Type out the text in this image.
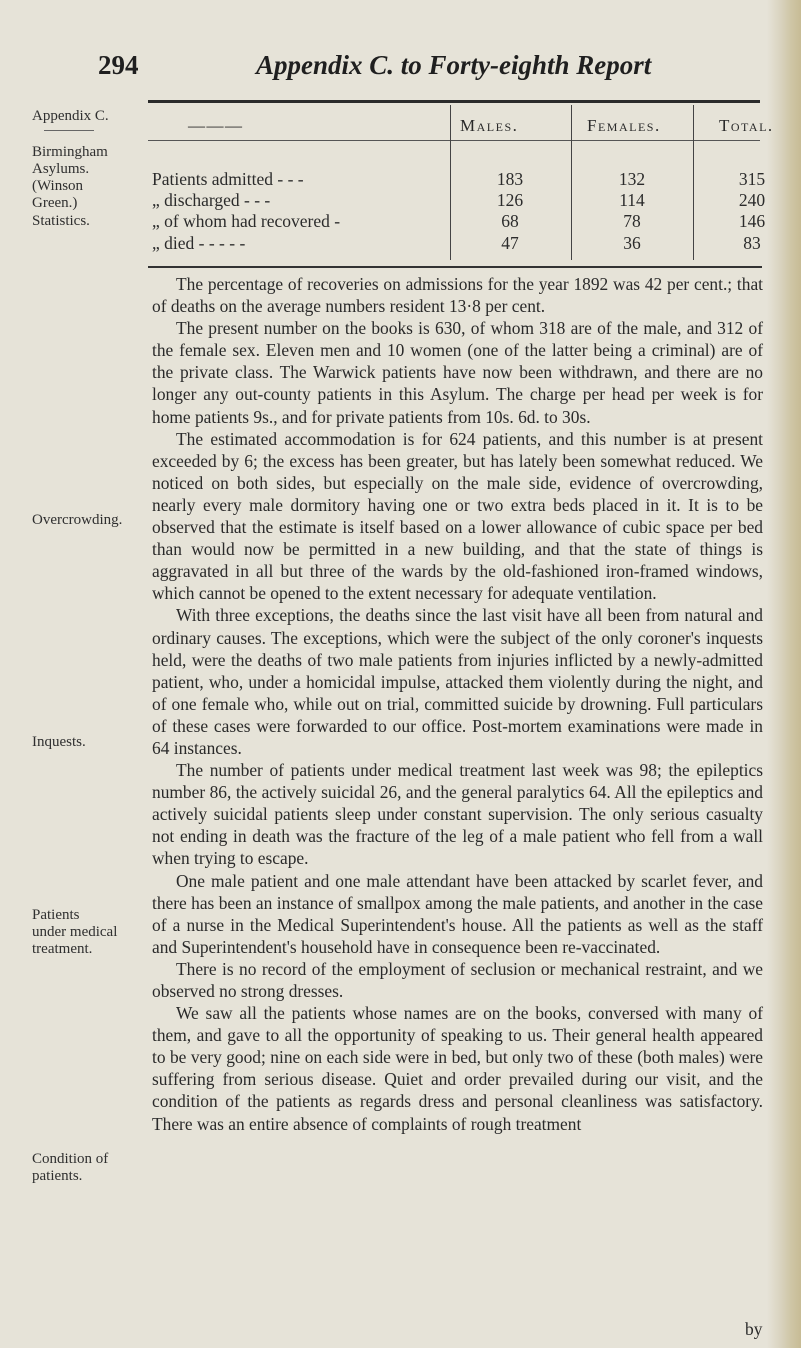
294	Appendix C. to Forty-eighth Report
Appendix C.
Birmingham
Asylums.
(Winson
Green.)
Statistics.
Overcrowding.
Inquests.
Patients
under medical
treatment.
Condition of
patients.
———	Males.	Females.	Total.
Patients admitted - - -	183	132	315
„ discharged - - -	126	114	240
„ of whom had recovered -	68	78	146
„ died - - - - -	47	36	83

The percentage of recoveries on admissions for the year 1892 was 42 per cent.; that of deaths on the average numbers resident 13·8 per cent.

The present number on the books is 630, of whom 318 are of the male, and 312 of the female sex. Eleven men and 10 women (one of the latter being a criminal) are of the private class. The Warwick patients have now been withdrawn, and there are no longer any out-county patients in this Asylum. The charge per head per week is for home patients 9s., and for private patients from 10s. 6d. to 30s.

The estimated accommodation is for 624 patients, and this number is at present exceeded by 6; the excess has been greater, but has lately been somewhat reduced. We noticed on both sides, but especially on the male side, evidence of overcrowding, nearly every male dormitory having one or two extra beds placed in it. It is to be observed that the estimate is itself based on a lower allowance of cubic space per bed than would now be permitted in a new building, and that the state of things is aggravated in all but three of the wards by the old-fashioned iron-framed windows, which cannot be opened to the extent necessary for adequate ventilation.

With three exceptions, the deaths since the last visit have all been from natural and ordinary causes. The exceptions, which were the subject of the only coroner's inquests held, were the deaths of two male patients from injuries inflicted by a newly-admitted patient, who, under a homicidal impulse, attacked them violently during the night, and of one female who, while out on trial, committed suicide by drowning. Full particulars of these cases were forwarded to our office. Post-mortem examinations were made in 64 instances.

The number of patients under medical treatment last week was 98; the epileptics number 86, the actively suicidal 26, and the general paralytics 64. All the epileptics and actively suicidal patients sleep under constant supervision. The only serious casualty not ending in death was the fracture of the leg of a male patient who fell from a wall when trying to escape.

One male patient and one male attendant have been attacked by scarlet fever, and there has been an instance of smallpox among the male patients, and another in the case of a nurse in the Medical Superintendent's house. All the patients as well as the staff and Superintendent's household have in consequence been re-vaccinated.

There is no record of the employment of seclusion or mechanical restraint, and we observed no strong dresses.

We saw all the patients whose names are on the books, conversed with many of them, and gave to all the opportunity of speaking to us. Their general health appeared to be very good; nine on each side were in bed, but only two of these (both males) were suffering from serious disease. Quiet and order prevailed during our visit, and the condition of the patients as regards dress and personal cleanliness was satisfactory. There was an entire absence of complaints of rough treatment

by
